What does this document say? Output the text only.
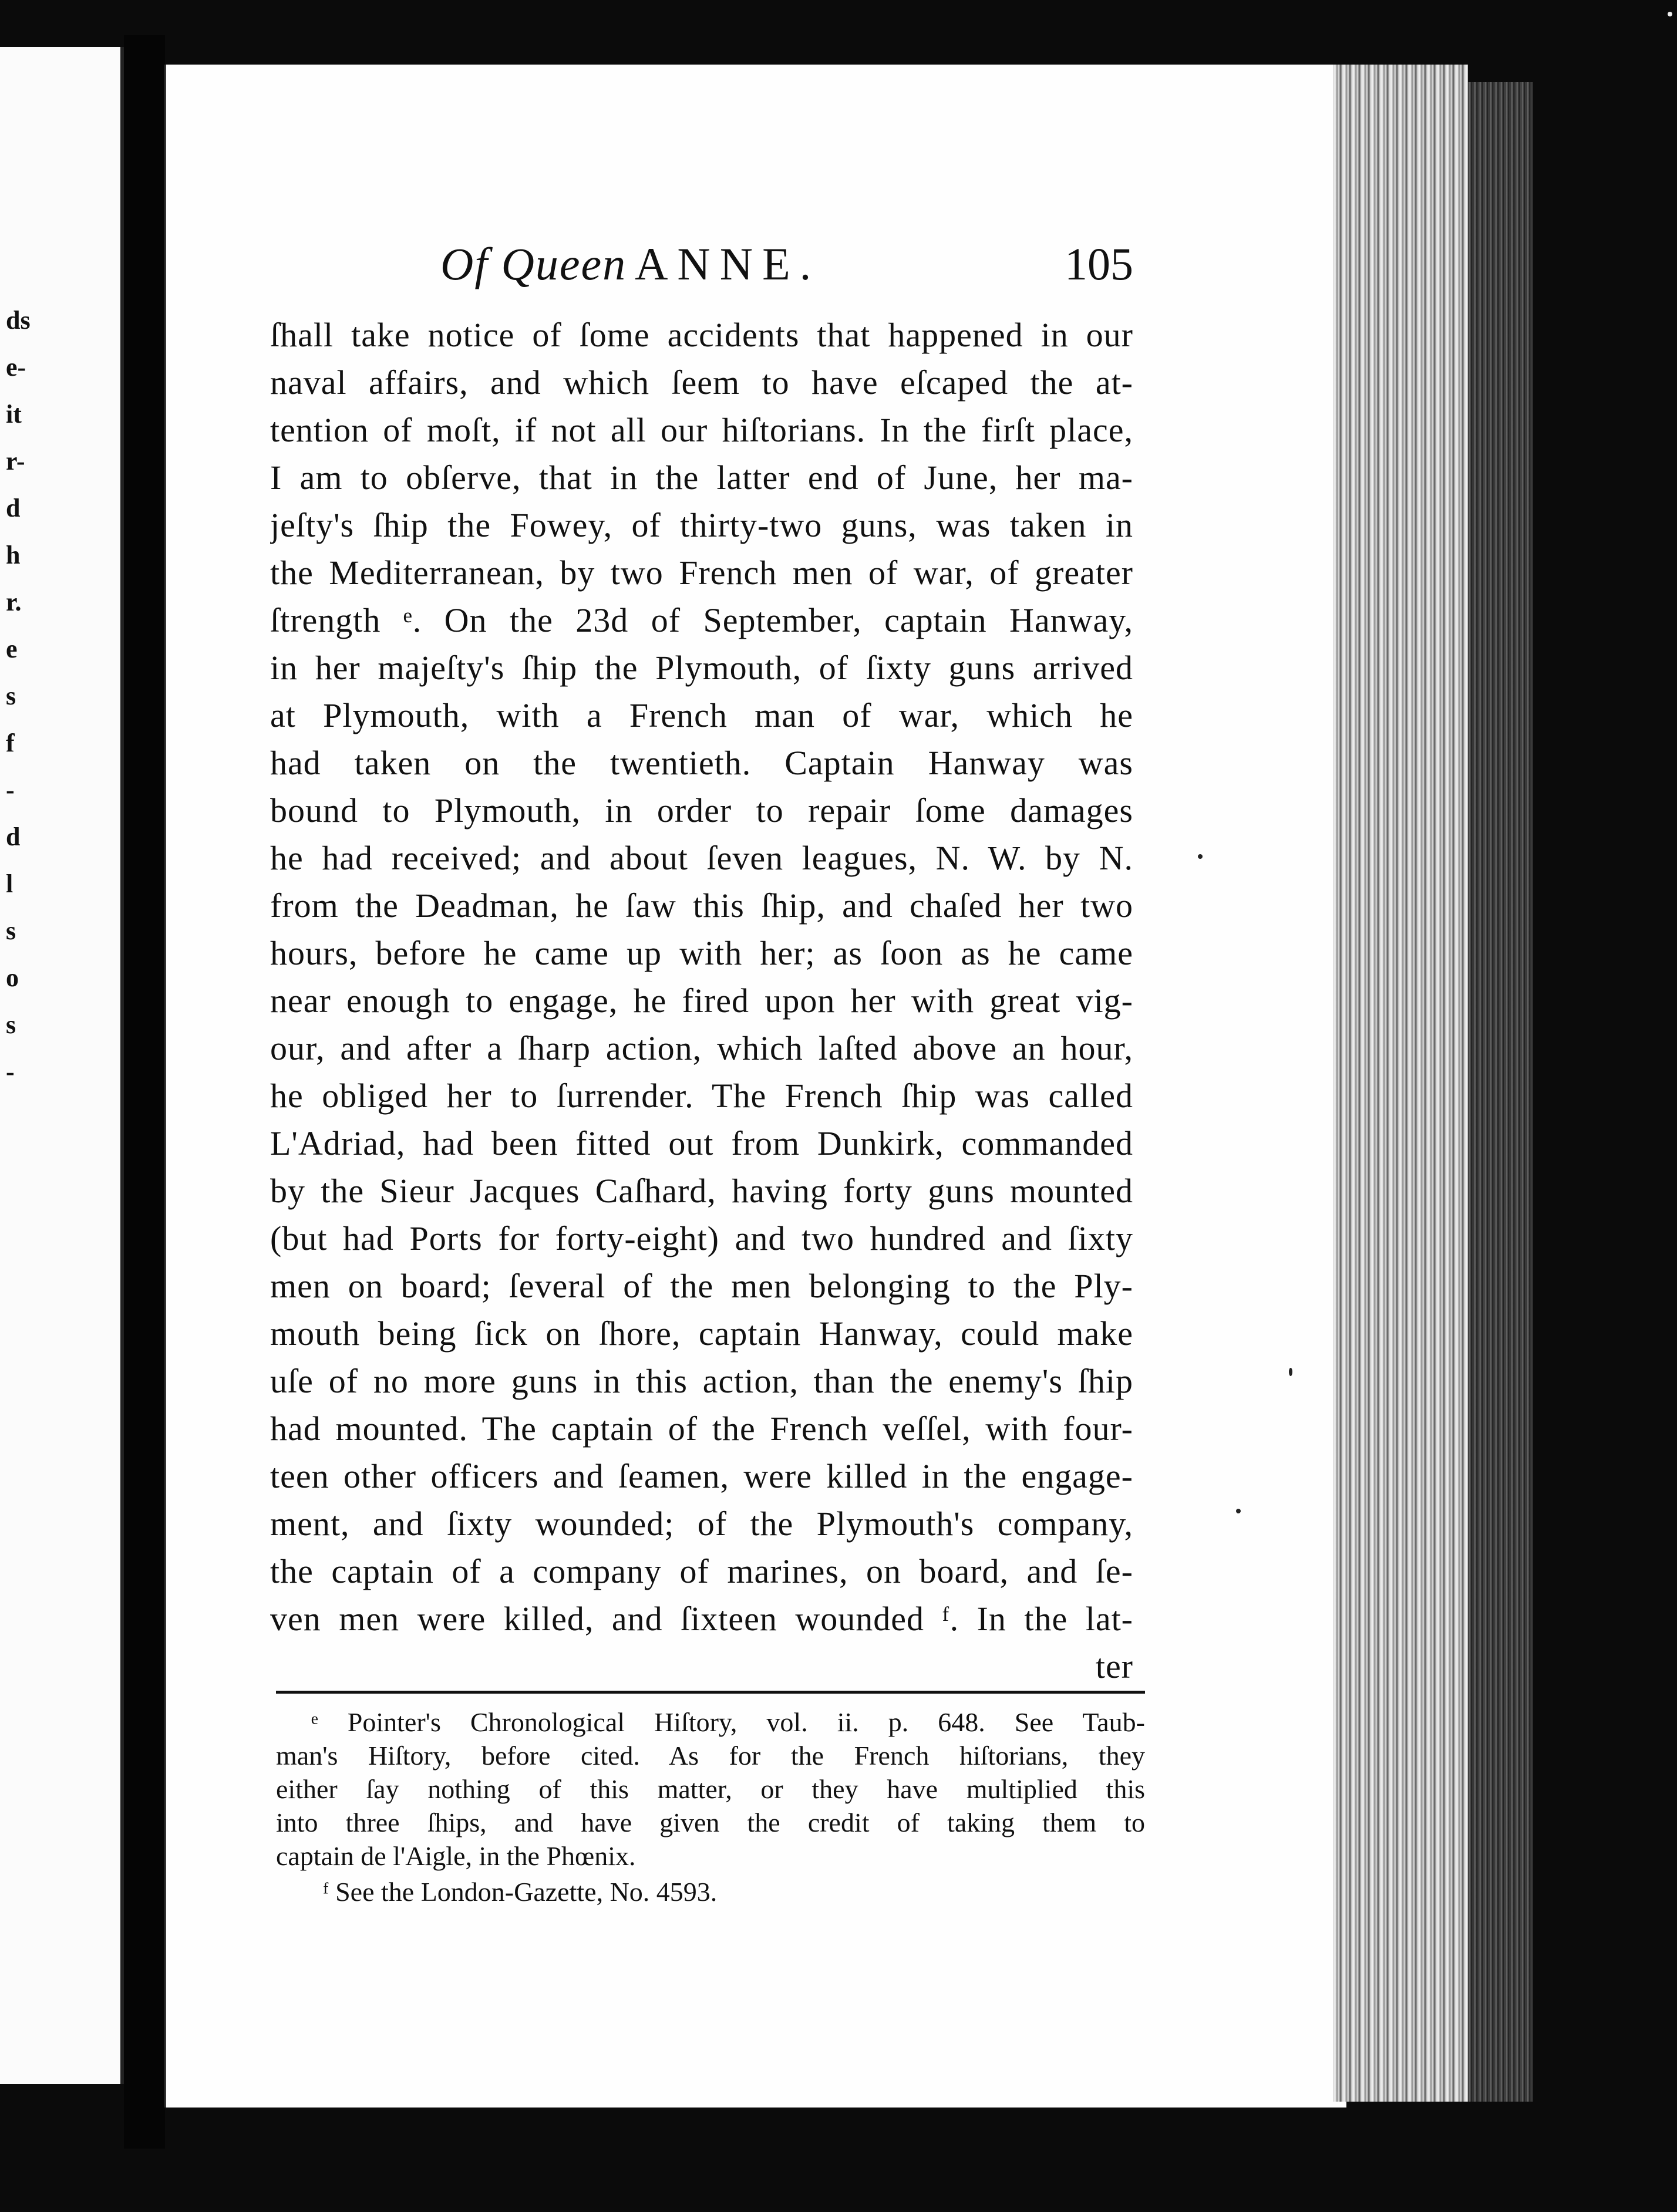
ds
e-
it
r-
d
h
r.
e
s
f
-
d
l
s
o
s
-
Of Queen ANNE.	105
ſhall take notice of ſome accidents that happened in our
naval affairs, and which ſeem to have eſcaped the at-
tention of moſt, if not all our hiſtorians. In the firſt place,
I am to obſerve, that in the latter end of June, her ma-
jeſty's ſhip the Fowey, of thirty-two guns, was taken in
the Mediterranean, by two French men of war, of greater
ſtrength ᵉ. On the 23d of September, captain Hanway,
in her majeſty's ſhip the Plymouth, of ſixty guns arrived
at Plymouth, with a French man of war, which he
had taken on the twentieth. Captain Hanway was
bound to Plymouth, in order to repair ſome damages
he had received; and about ſeven leagues, N. W. by N.
from the Deadman, he ſaw this ſhip, and chaſed her two
hours, before he came up with her; as ſoon as he came
near enough to engage, he fired upon her with great vig-
our, and after a ſharp action, which laſted above an hour,
he obliged her to ſurrender. The French ſhip was called
L'Adriad, had been fitted out from Dunkirk, commanded
by the Sieur Jacques Caſhard, having forty guns mounted
(but had Ports for forty-eight) and two hundred and ſixty
men on board; ſeveral of the men belonging to the Ply-
mouth being ſick on ſhore, captain Hanway, could make
uſe of no more guns in this action, than the enemy's ſhip
had mounted. The captain of the French veſſel, with four-
teen other officers and ſeamen, were killed in the engage-
ment, and ſixty wounded; of the Plymouth's company,
the captain of a company of marines, on board, and ſe-
ven men were killed, and ſixteen wounded ᶠ. In the lat-
ter
ᵉ Pointer's Chronological Hiſtory, vol. ii. p. 648. See Taub-
man's Hiſtory, before cited. As for the French hiſtorians, they
either ſay nothing of this matter, or they have multiplied this
into three ſhips, and have given the credit of taking them to
captain de l'Aigle, in the Phœnix.
ᶠ See the London-Gazette, No. 4593.
